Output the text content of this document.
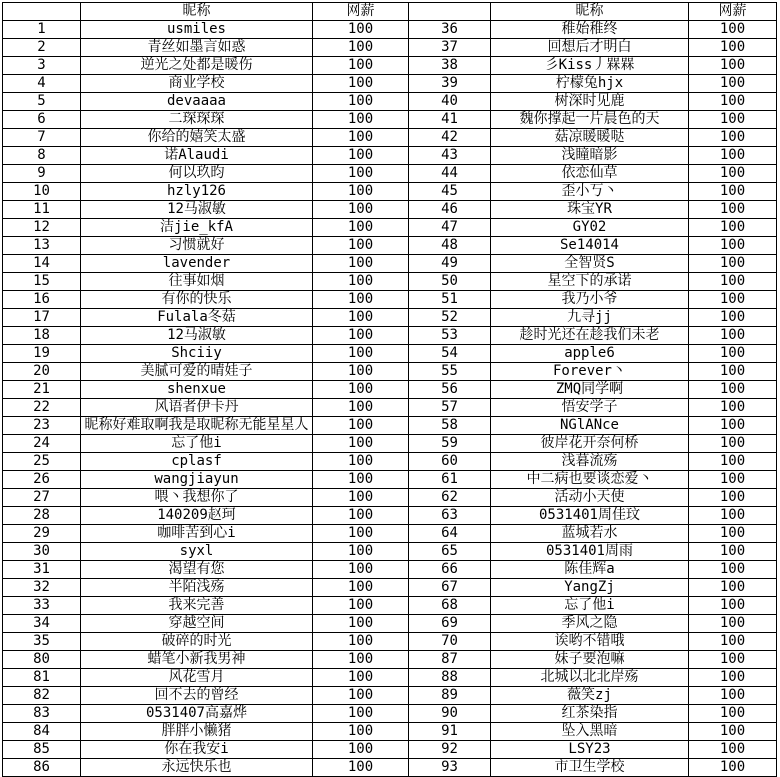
	昵称	网薪
1	usmiles	100
2	青丝如墨言如惑	100
3	逆光之处都是暖伤	100
4	商业学校	100
5	devaaaa	100
6	二琛琛琛	100
7	你给的嬉笑太盛	100
8	诺Alaudi	100
9	何以玖昀	100
10	hzly126	100
11	12马淑敏	100
12	洁jie_kfA	100
13	习惯就好	100
14	lavender	100
15	往事如烟	100
16	有你的快乐	100
17	Fulala冬菇	100
18	12马淑敏	100
19	Shciiy	100
20	美腻可爱的晴娃子	100
21	shenxue	100
22	风语者伊卡丹	100
23	昵称好难取啊我是取昵称无能星星人	100
24	忘了他i	100
25	cplasf	100
26	wangjiayun	100
27	喂丶我想你了	100
28	140209赵珂	100
29	咖啡苦到心i	100
30	syxl	100
31	渴望有您	100
32	半陌浅殇	100
33	我来完善	100
34	穿越空间	100
35	破碎的时光	100
80	蜡笔小新我男神	100
81	风花雪月	100
82	回不去的曾经	100
83	0531407高嘉烨	100
84	胖胖小懒猪	100
85	你在我安i	100
86	永远快乐也	100
	昵称	网薪
36	稚始稚终	100
37	回想后才明白	100
38	彡Kiss丿槑槑	100
39	柠檬兔hjx	100
40	树深时见鹿	100
41	魏你撑起一片晨色的天	100
42	菇凉暖暖哒	100
43	浅瞳暗影	100
44	依恋仙草	100
45	歪小丂丶	100
46	珠宝YR	100
47	GY02	100
48	Se14014	100
49	全智贤S	100
50	星空下的承诺	100
51	我乃小爷	100
52	九寻jj	100
53	趁时光还在趁我们未老	100
54	apple6	100
55	Forever丶	100
56	ZMQ同学啊	100
57	悟安学子	100
58	NGlANce	100
59	彼岸花开奈何桥	100
60	浅暮流殇	100
61	中二病也要谈恋爱丶	100
62	活动小天使	100
63	0531401周佳玟	100
64	蓝城若水	100
65	0531401周雨	100
66	陈佳辉a	100
67	YangZj	100
68	忘了他i	100
69	季风之隐	100
70	诶哟不错哦	100
87	妹子要泡嘛	100
88	北城以北北岸殇	100
89	薇笑zj	100
90	红茶染指	100
91	坠入黑暗	100
92	LSY23	100
93	市卫生学校	100
